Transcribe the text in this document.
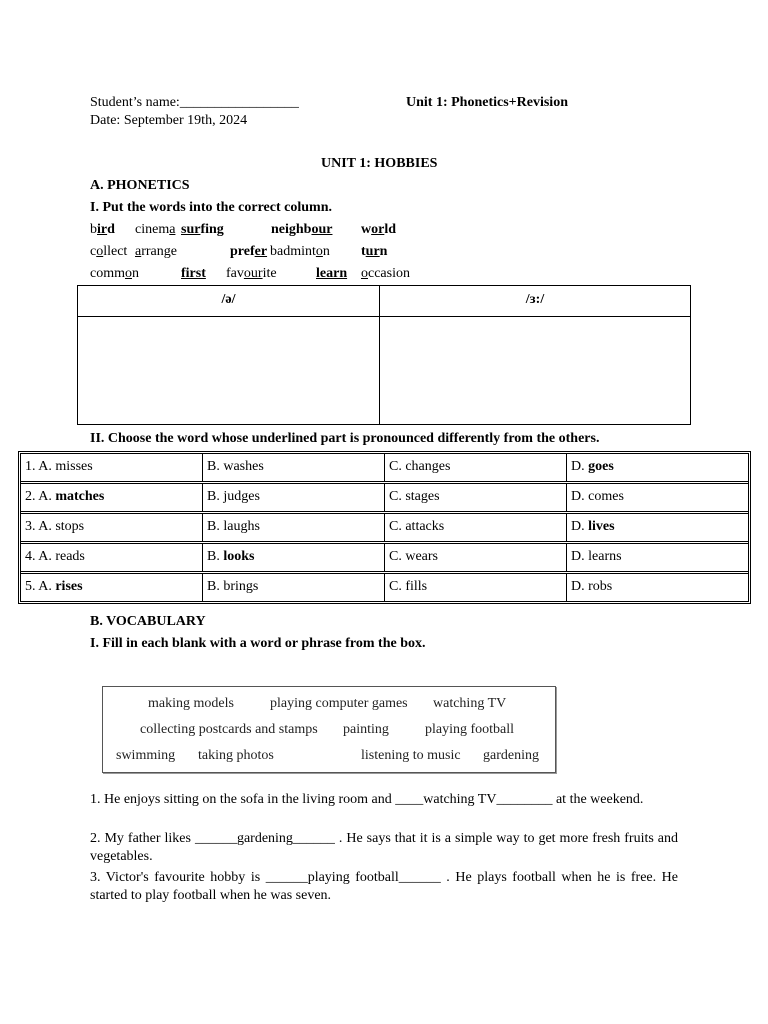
Student’s name:_________________	Unit 1: Phonetics+Revision
Date: September 19th, 2024
UNIT 1: HOBBIES
A. PHONETICS
I. Put the words into the correct column.
bird cinema surfing	neighbour world
collect arrange	prefer badminton turn
common	first favourite	learn occasion
/ə/	/ɜ:/
II. Choose the word whose underlined part is pronounced differently from the others.
1. A. misses	B. washes	C. changes	D. goes
2. A. matches	B. judges	C. stages	D. comes
3. A. stops	B. laughs	C. attacks	D. lives
4. A. reads	B. looks	C. wears	D. learns
5. A. rises	B. brings	C. fills	D. robs
B. VOCABULARY
I. Fill in each blank with a word or phrase from the box.
making models	playing computer games watching TV
collecting postcards and stamps painting	playing football
swimming taking photos	listening to music gardening
1. He enjoys sitting on the sofa in the living room and ____watching TV________ at the weekend.
2. My father likes ______gardening______ . He says that it is a simple way to get more fresh fruits and vegetables.
3. Victor's favourite hobby is ______playing football______ . He plays football when he is free. He started to play football when he was seven.
